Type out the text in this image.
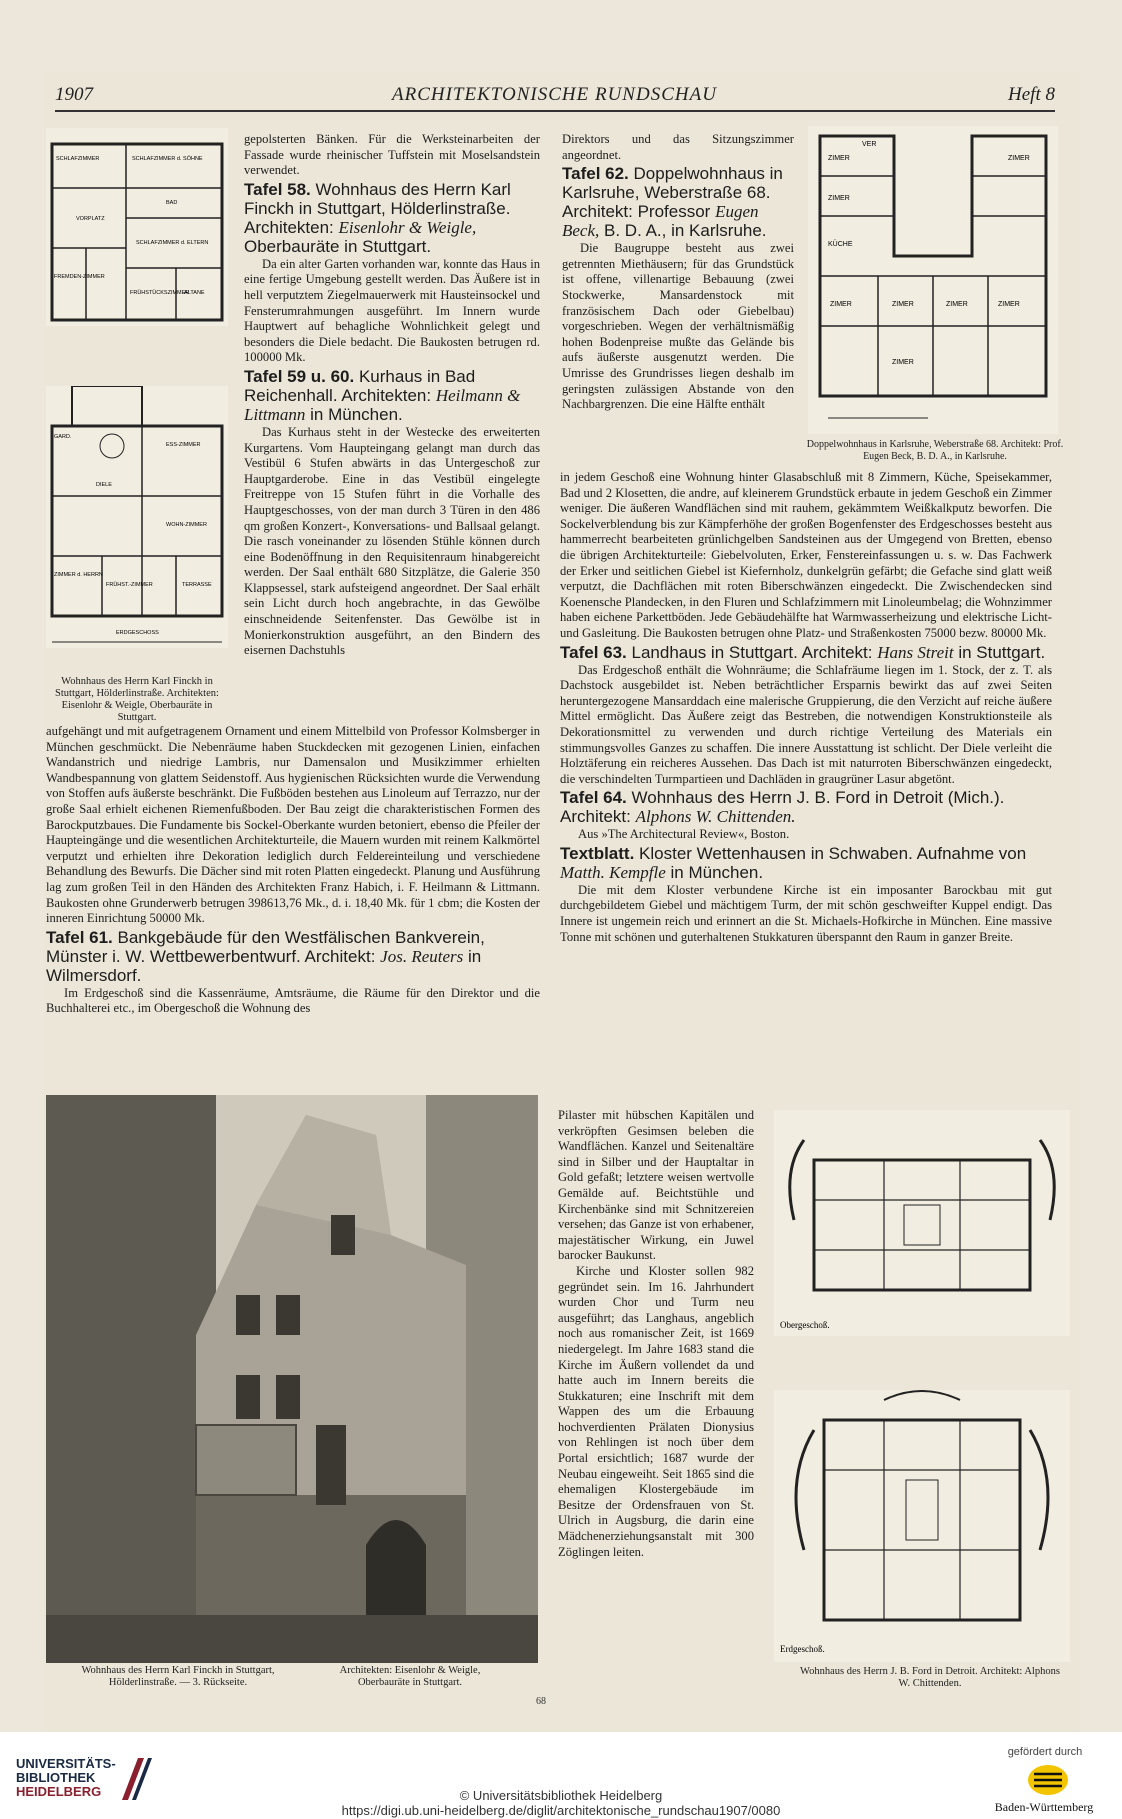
1907	ARCHITEKTONISCHE RUNDSCHAU	Heft 8
SCHLAFZIMMER	SCHLAFZIMMER d. SÖHNE
BAD
VORPLATZ
SCHLAFZIMMER d. ELTERN
FREMDEN-ZIMMER
FRÜHSTÜCKSZIMMER
ALTANE
GARD.
DIELE
ESS-ZIMMER
WOHN-ZIMMER
ZIMMER d. HERRN
FRÜHST.-ZIMMER	TERRASSE
ERDGESCHOSS
Wohnhaus des Herrn Karl Finckh in Stuttgart, Hölderlinstraße. Architekten: Eisenlohr & Weigle, Oberbauräte in Stuttgart.

gepolsterten Bänken. Für die Werksteinarbeiten der Fassade wurde rheinischer Tuffstein mit Moselsandstein verwendet.

Tafel 58. Wohnhaus des Herrn Karl Finckh in Stuttgart, Hölderlinstraße. Architekten: Eisenlohr & Weigle, Oberbauräte in Stuttgart.

Da ein alter Garten vorhanden war, konnte das Haus in eine fertige Umgebung gestellt werden. Das Äußere ist in hell verputztem Ziegelmauerwerk mit Hausteinsockel und Fensterumrahmungen ausgeführt. Im Innern wurde Hauptwert auf behagliche Wohnlichkeit gelegt und besonders die Diele bedacht. Die Baukosten betrugen rd. 100000 Mk.

Tafel 59 u. 60. Kurhaus in Bad Reichenhall. Architekten: Heilmann & Littmann in München.

Das Kurhaus steht in der Westecke des erweiterten Kurgartens. Vom Haupteingang gelangt man durch das Vestibül 6 Stufen abwärts in das Untergeschoß zur Hauptgarderobe. Eine in das Vestibül eingelegte Freitreppe von 15 Stufen führt in die Vorhalle des Hauptgeschosses, von der man durch 3 Türen in den 486 qm großen Konzert-, Konversations- und Ballsaal gelangt. Die rasch voneinander zu lösenden Stühle können durch eine Bodenöffnung in den Requisitenraum hinabgereicht werden. Der Saal enthält 680 Sitzplätze, die Galerie 350 Klappsessel, stark aufsteigend angeordnet. Der Saal erhält sein Licht durch hoch angebrachte, in das Gewölbe einschneidende Seitenfenster. Das Gewölbe ist in Monierkonstruktion ausgeführt, an den Bindern des eisernen Dachstuhls

aufgehängt und mit aufgetragenem Ornament und einem Mittelbild von Professor Kolmsberger in München geschmückt. Die Nebenräume haben Stuckdecken mit gezogenen Linien, einfachen Wandanstrich und niedrige Lambris, nur Damensalon und Musikzimmer erhielten Wandbespannung von glattem Seidenstoff. Aus hygienischen Rücksichten wurde die Verwendung von Stoffen aufs äußerste beschränkt. Die Fußböden bestehen aus Linoleum auf Terrazzo, nur der große Saal erhielt eichenen Riemenfußboden. Der Bau zeigt die charakteristischen Formen des Barockputzbaues. Die Fundamente bis Sockel-Oberkante wurden betoniert, ebenso die Pfeiler der Haupteingänge und die wesentlichen Architekturteile, die Mauern wurden mit reinem Kalkmörtel verputzt und erhielten ihre Dekoration lediglich durch Feldereinteilung und verschiedene Behandlung des Bewurfs. Die Dächer sind mit roten Platten eingedeckt. Planung und Ausführung lag zum großen Teil in den Händen des Architekten Franz Habich, i. F. Heilmann & Littmann. Baukosten ohne Grunderwerb betrugen 398613,76 Mk., d. i. 18,40 Mk. für 1 cbm; die Kosten der inneren Einrichtung 50000 Mk.

Tafel 61. Bankgebäude für den Westfälischen Bankverein, Münster i. W. Wettbewerbentwurf. Architekt: Jos. Reuters in Wilmersdorf.

Im Erdgeschoß sind die Kassenräume, Amtsräume, die Räume für den Direktor und die Buchhalterei etc., im Obergeschoß die Wohnung des

Wohnhaus des Herrn Karl Finckh in Stuttgart, Hölderlinstraße. — 3. Rückseite.
Architekten: Eisenlohr & Weigle, Oberbauräte in Stuttgart.

Direktors und das Sitzungszimmer angeordnet.

Tafel 62. Doppelwohnhaus in Karlsruhe, Weberstraße 68. Architekt: Professor Eugen Beck, B. D. A., in Karlsruhe.

Die Baugruppe besteht aus zwei getrennten Miethäusern; für das Grundstück ist offene, villenartige Bebauung (zwei Stockwerke, Mansardenstock mit französischem Dach oder Giebelbau) vorgeschrieben. Wegen der verhältnismäßig hohen Bodenpreise mußte das Gelände bis aufs äußerste ausgenutzt werden. Die Umrisse des Grundrisses liegen deshalb im geringsten zulässigen Abstande von den Nachbargrenzen. Die eine Hälfte enthält

ZIMER
VER
ZIMER
ZIMER
KÜCHE
ZIMER	ZIMER	ZIMER	ZIMER
ZIMER
Doppelwohnhaus in Karlsruhe, Weberstraße 68. Architekt: Prof. Eugen Beck, B. D. A., in Karlsruhe.

in jedem Geschoß eine Wohnung hinter Glasabschluß mit 8 Zimmern, Küche, Speisekammer, Bad und 2 Klosetten, die andre, auf kleinerem Grundstück erbaute in jedem Geschoß ein Zimmer weniger. Die äußeren Wandflächen sind mit rauhem, gekämmtem Weißkalkputz beworfen. Die Sockelverblendung bis zur Kämpferhöhe der großen Bogenfenster des Erdgeschosses besteht aus hammerrecht bearbeiteten grünlichgelben Sandsteinen aus der Umgegend von Bretten, ebenso die übrigen Architekturteile: Giebelvoluten, Erker, Fenstereinfassungen u. s. w. Das Fachwerk der Erker und seitlichen Giebel ist Kiefernholz, dunkelgrün gefärbt; die Gefache sind glatt weiß verputzt, die Dachflächen mit roten Biberschwänzen eingedeckt. Die Zwischendecken sind Koenensche Plandecken, in den Fluren und Schlafzimmern mit Linoleumbelag; die Wohnzimmer haben eichene Parkettböden. Jede Gebäudehälfte hat Warmwasserheizung und elektrische Licht- und Gasleitung. Die Baukosten betrugen ohne Platz- und Straßenkosten 75000 bezw. 80000 Mk.

Tafel 63. Landhaus in Stuttgart. Architekt: Hans Streit in Stuttgart.

Das Erdgeschoß enthält die Wohnräume; die Schlafräume liegen im 1. Stock, der z. T. als Dachstock ausgebildet ist. Neben beträchtlicher Ersparnis bewirkt das auf zwei Seiten heruntergezogene Mansarddach eine malerische Gruppierung, die den Verzicht auf reiche äußere Mittel ermöglicht. Das Äußere zeigt das Bestreben, die notwendigen Konstruktionsteile als Dekorationsmittel zu verwenden und durch richtige Verteilung des Materials ein stimmungsvolles Ganzes zu schaffen. Die innere Ausstattung ist schlicht. Der Diele verleiht die Holztäferung ein reicheres Aussehen. Das Dach ist mit naturroten Biberschwänzen eingedeckt, die verschindelten Turmpartieen und Dachläden in graugrüner Lasur abgetönt.

Tafel 64. Wohnhaus des Herrn J. B. Ford in Detroit (Mich.). Architekt: Alphons W. Chittenden.

Aus »The Architectural Review«, Boston.

Textblatt. Kloster Wettenhausen in Schwaben. Aufnahme von Matth. Kempfle in München.

Die mit dem Kloster verbundene Kirche ist ein imposanter Barockbau mit gut durchgebildetem Giebel und mächtigem Turm, der mit schön geschweifter Kuppel endigt. Das Innere ist ungemein reich und erinnert an die St. Michaels-Hofkirche in München. Eine massive Tonne mit schönen und guterhaltenen Stukkaturen überspannt den Raum in ganzer Breite.

Pilaster mit hübschen Kapitälen und verkröpften Gesimsen beleben die Wandflächen. Kanzel und Seitenaltäre sind in Silber und der Hauptaltar in Gold gefaßt; letztere weisen wertvolle Gemälde auf. Beichtstühle und Kirchenbänke sind mit Schnitzereien versehen; das Ganze ist von erhabener, majestätischer Wirkung, ein Juwel barocker Baukunst.

Kirche und Kloster sollen 982 gegründet sein. Im 16. Jahrhundert wurden Chor und Turm neu ausgeführt; das Langhaus, angeblich noch aus romanischer Zeit, ist 1669 niedergelegt. Im Jahre 1683 stand die Kirche im Äußern vollendet da und hatte auch im Innern bereits die Stukkaturen; eine Inschrift mit dem Wappen des um die Erbauung hochverdienten Prälaten Dionysius von Rehlingen ist noch über dem Portal ersichtlich; 1687 wurde der Neubau eingeweiht. Seit 1865 sind die ehemaligen Klostergebäude im Besitze der Ordensfrauen von St. Ulrich in Augsburg, die darin eine Mädchenerziehungsanstalt mit 300 Zöglingen leiten.

Obergeschoß.
Erdgeschoß.
Wohnhaus des Herrn J. B. Ford in Detroit. Architekt: Alphons W. Chittenden.
68
UNIVERSITÄTS-
BIBLIOTHEK
HEIDELBERG	© Universitätsbibliothek Heidelberg
https://digi.ub.uni-heidelberg.de/diglit/architektonische_rundschau1907/0080
gefördert durch
Baden-Württemberg
